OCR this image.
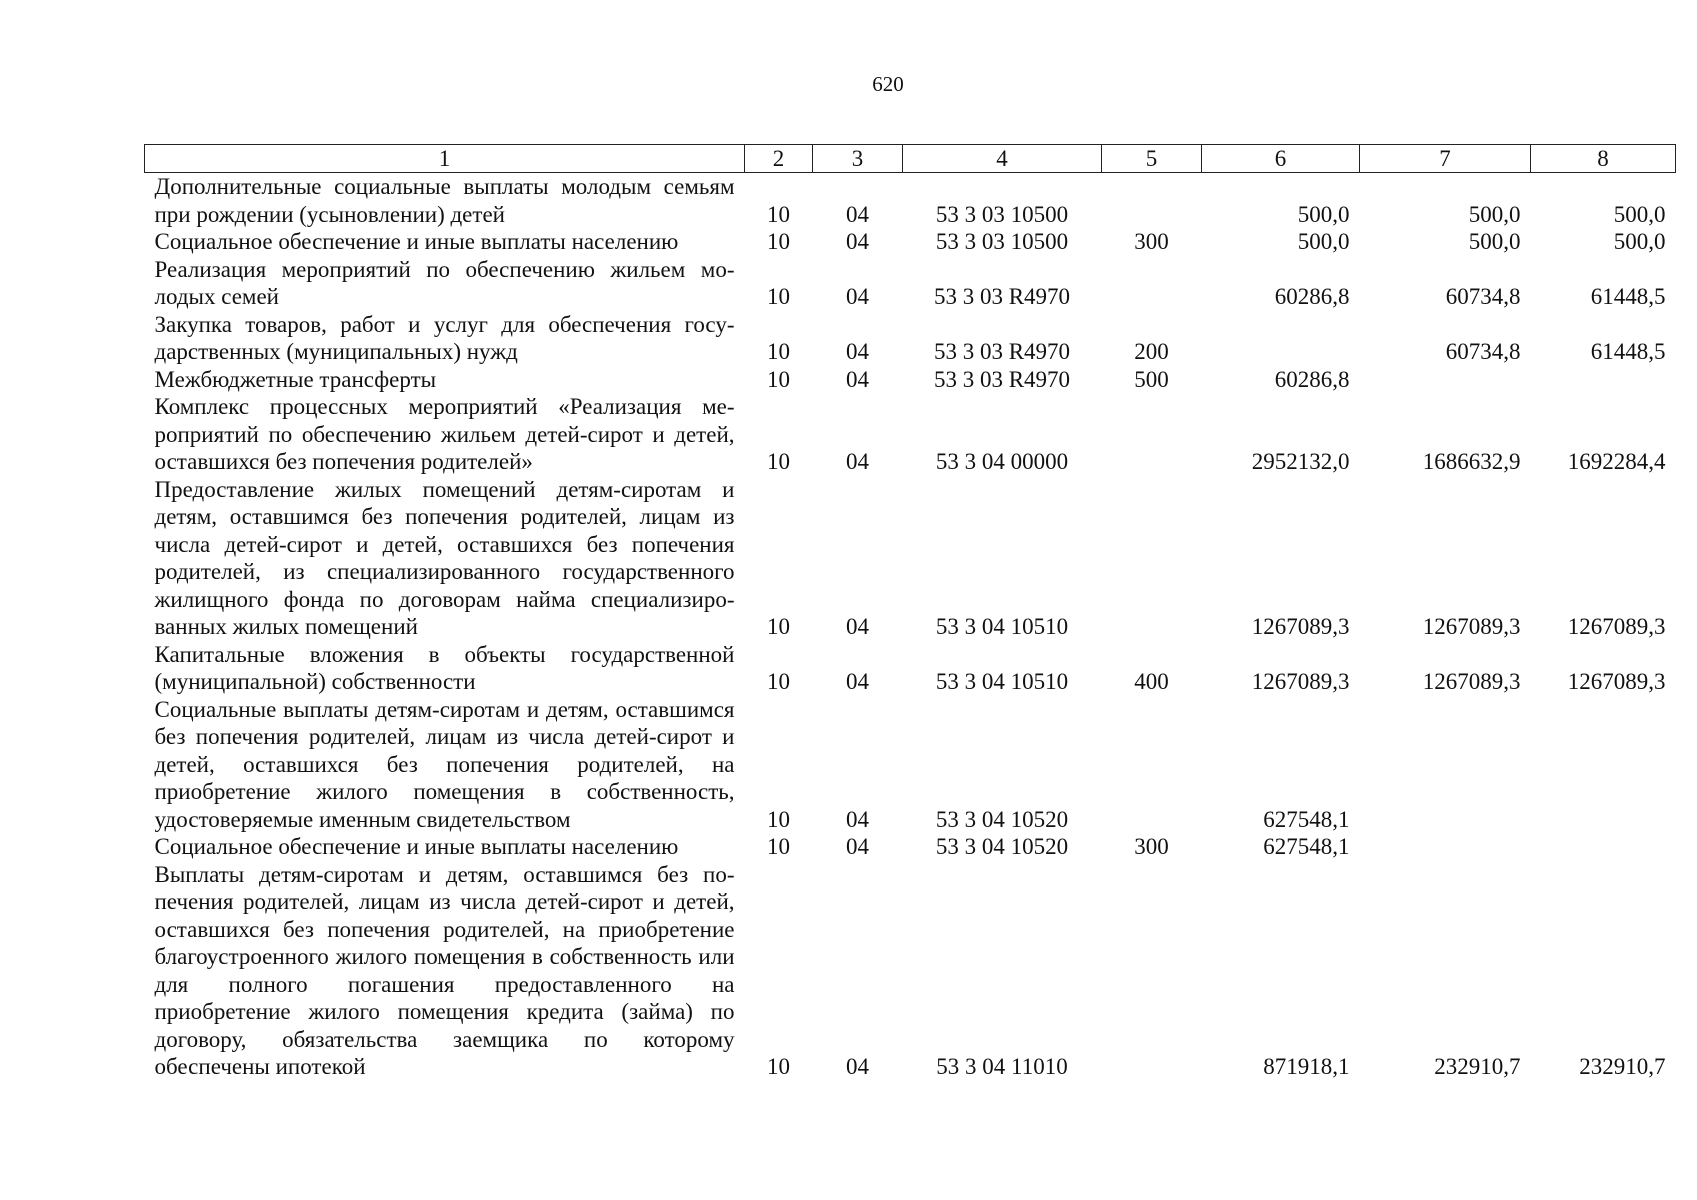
620
1	2	3	4	5	6	7	8
Дополнительные социальные выплаты молодым семьям при рождении (усыновлении) детей	10	04	53 3 03 10500		500,0	500,0	500,0
Социальное обеспечение и иные выплаты населению	10	04	53 3 03 10500	300	500,0	500,0	500,0
Реализация мероприятий по обеспечению жильем молодых семей	10	04	53 3 03 R4970		60286,8	60734,8	61448,5
Закупка товаров, работ и услуг для обеспечения государственных (муниципальных) нужд	10	04	53 3 03 R4970	200		60734,8	61448,5
Межбюджетные трансферты	10	04	53 3 03 R4970	500	60286,8		
Комплекс процессных мероприятий «Реализация мероприятий по обеспечению жильем детей-сирот и детей, оставшихся без попечения родителей»	10	04	53 3 04 00000		2952132,0	1686632,9	1692284,4
Предоставление жилых помещений детям-сиротам и детям, оставшимся без попечения родителей, лицам из числа детей-сирот и детей, оставшихся без попечения родителей, из специализированного государственного жилищного фонда по договорам найма специализированных жилых помещений	10	04	53 3 04 10510		1267089,3	1267089,3	1267089,3
Капитальные вложения в объекты государственной (муниципальной) собственности	10	04	53 3 04 10510	400	1267089,3	1267089,3	1267089,3
Социальные выплаты детям-сиротам и детям, оставшимся без попечения родителей, лицам из числа детей-сирот и детей, оставшихся без попечения родителей, на приобретение жилого помещения в собственность, удостоверяемые именным свидетельством	10	04	53 3 04 10520		627548,1		
Социальное обеспечение и иные выплаты населению	10	04	53 3 04 10520	300	627548,1		
Выплаты детям-сиротам и детям, оставшимся без попечения родителей, лицам из числа детей-сирот и детей, оставшихся без попечения родителей, на приобретение благоустроенного жилого помещения в собственность или для полного погашения предоставленного на приобретение жилого помещения кредита (займа) по договору, обязательства заемщика по которому обеспечены ипотекой	10	04	53 3 04 11010		871918,1	232910,7	232910,7
